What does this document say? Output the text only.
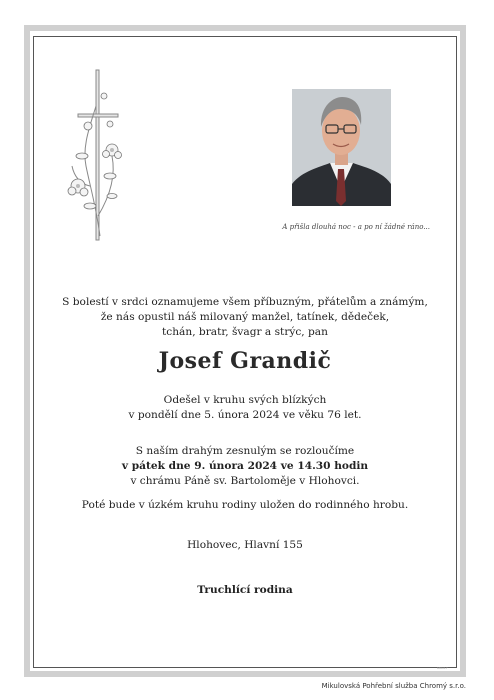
A přišla dlouhá noc - a po ní žádné ráno...
S bolestí v srdci oznamujeme všem příbuzným, přátelům a známým,
že nás opustil náš milovaný manžel, tatínek, dědeček,
tchán, bratr, švagr a strýc, pan
Josef Grandič
Odešel v kruhu svých blízkých
v pondělí dne 5. února 2024 ve věku 76 let.
S naším drahým zesnulým se rozloučíme
v pátek dne 9. února 2024 ve 14.30 hodin
v chrámu Páně sv. Bartoloměje v Hlohovci.
Poté bude v úzkém kruhu rodiny uložen do rodinného hrobu.
Hlohovec, Hlavní 155
Truchlící rodina
6MO17
Mikulovská Pohřební služba Chromý s.r.o.
